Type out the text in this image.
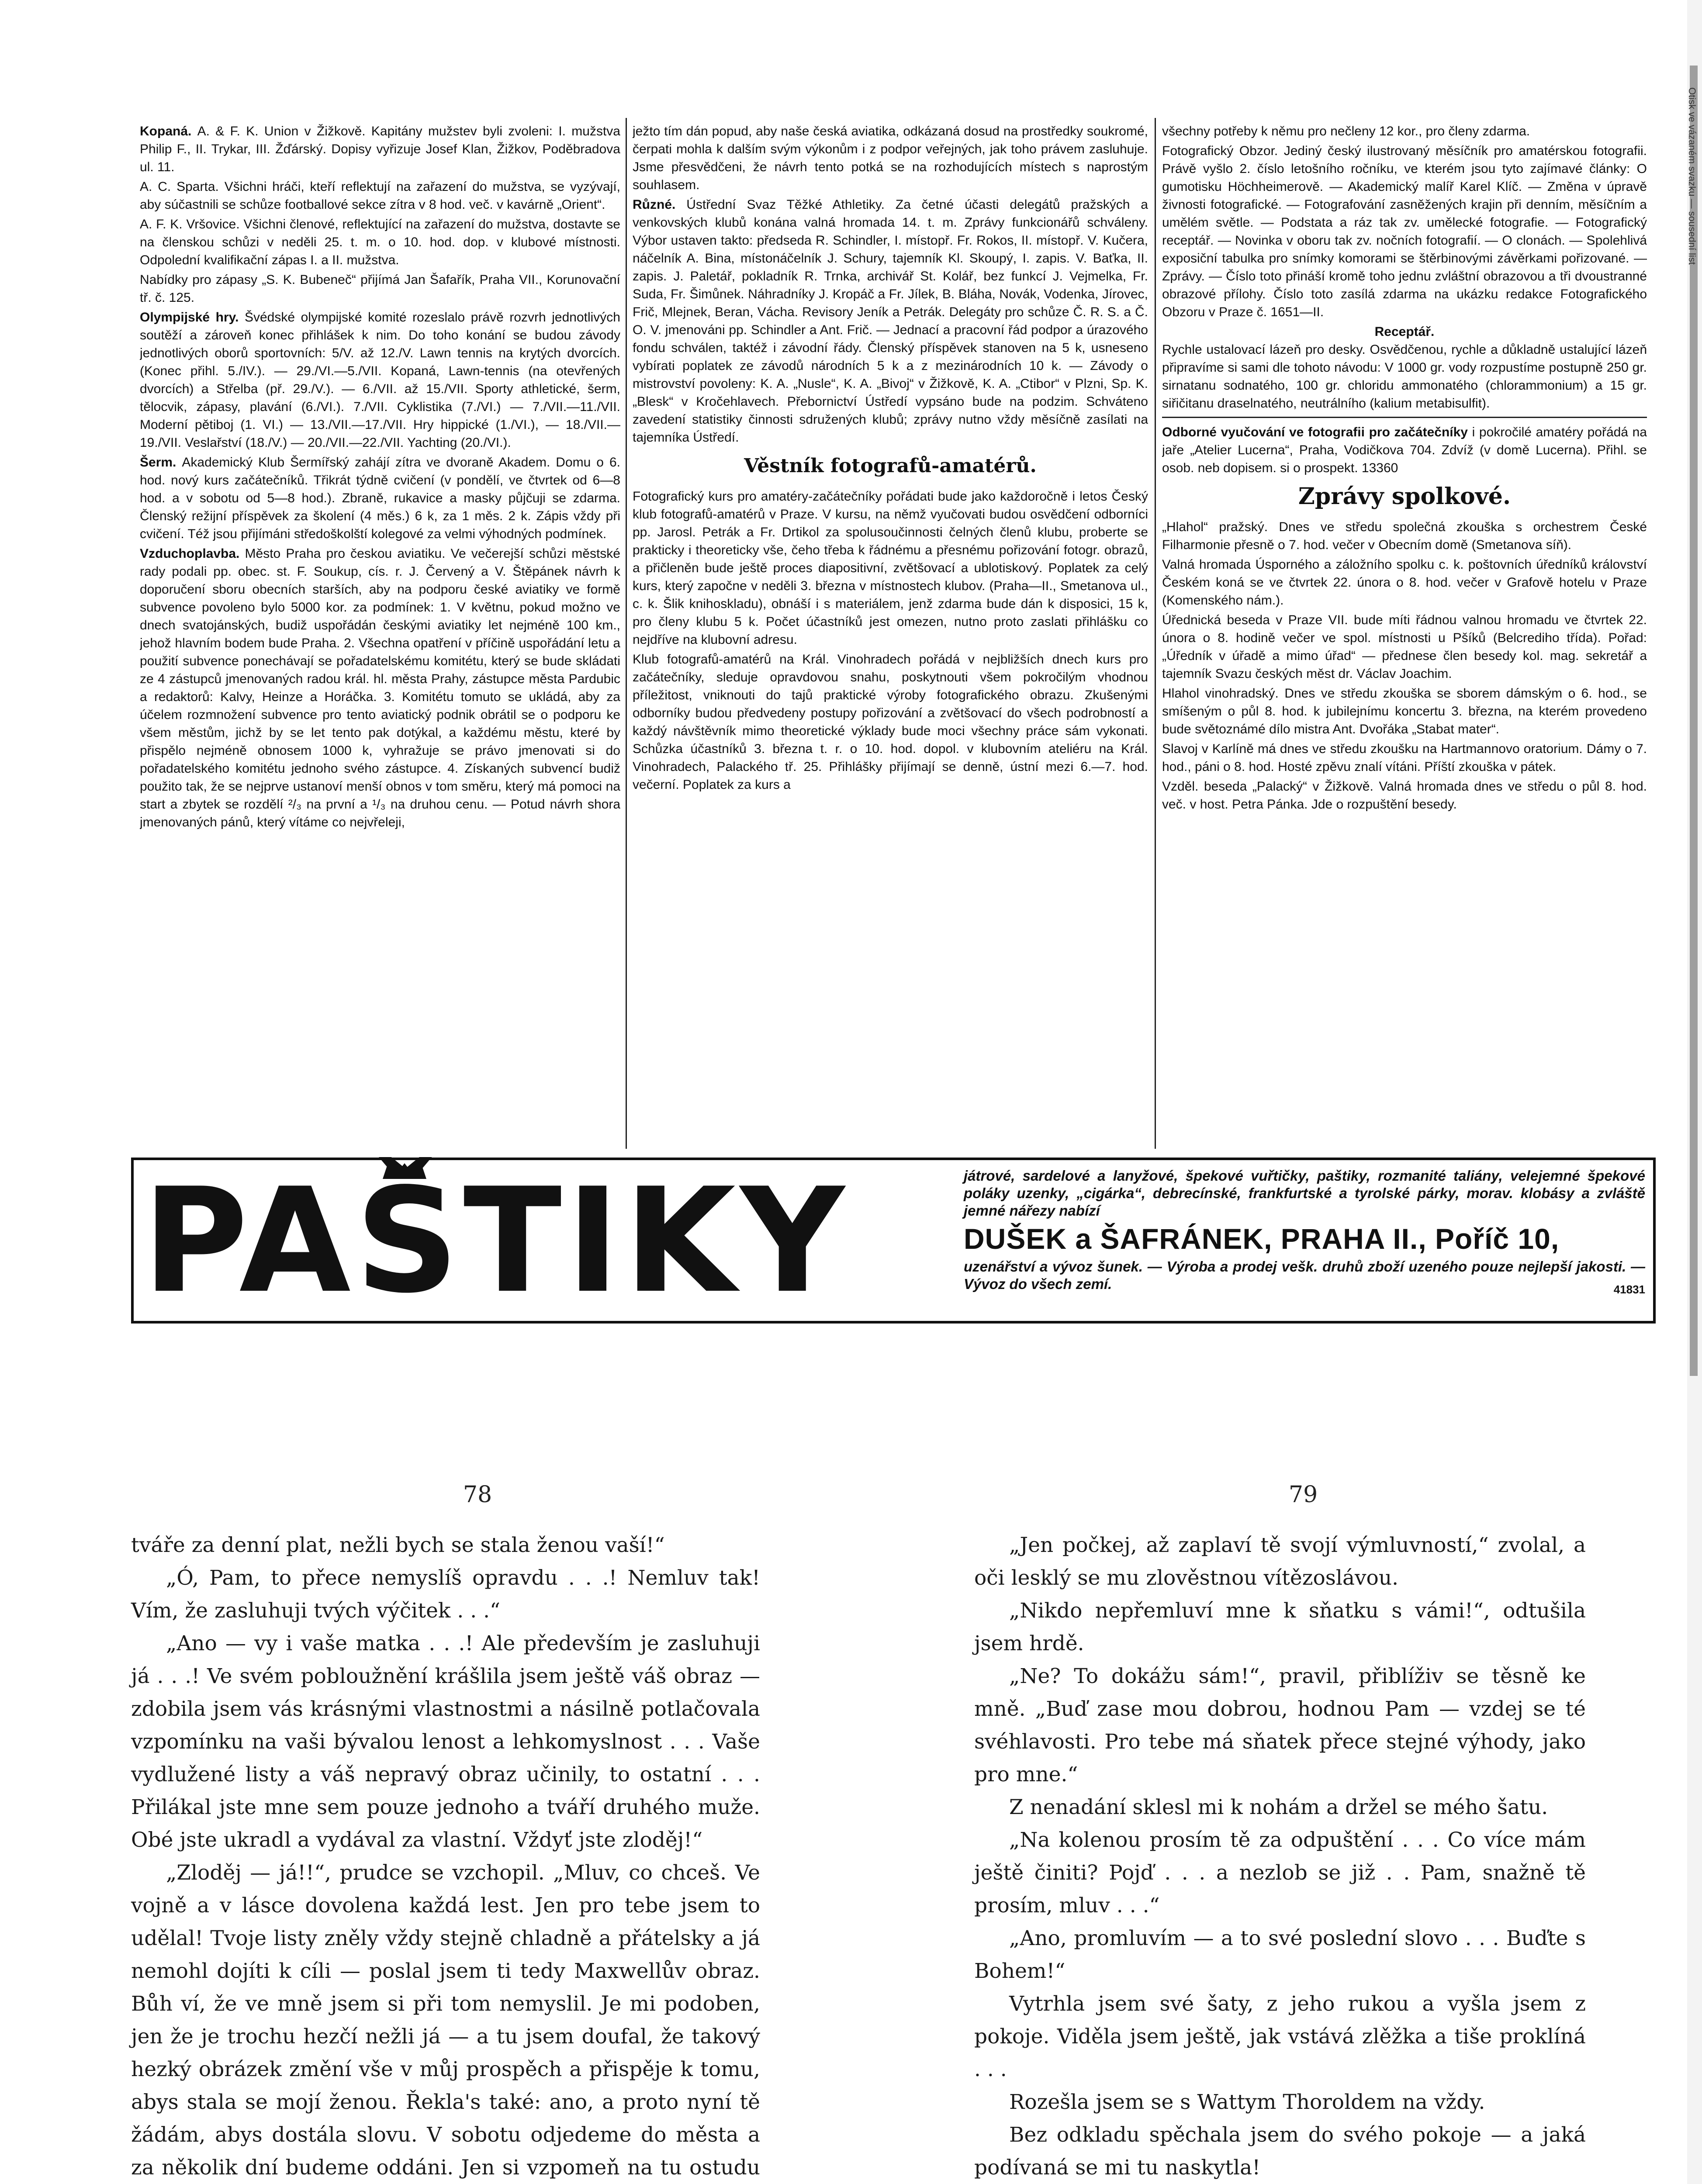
Kopaná. A. & F. K. Union v Žižkově. Kapitány mužstev byli zvoleni: I. mužstva Philip F., II. Trykar, III. Žďárský. Dopisy vyřizuje Josef Klan, Žižkov, Poděbradova ul. 11.

A. C. Sparta. Všichni hráči, kteří reflektují na zařazení do mužstva, se vyzývají, aby súčastnili se schůze footballové sekce zítra v 8 hod. več. v kavárně „Orient“.

A. F. K. Vršovice. Všichni členové, reflektující na zařazení do mužstva, dostavte se na členskou schůzi v neděli 25. t. m. o 10. hod. dop. v klubové místnosti. Odpolední kvalifikační zápas I. a II. mužstva.

Nabídky pro zápasy „S. K. Bubeneč“ přijímá Jan Šafařík, Praha VII., Korunovační tř. č. 125.

Olympijské hry. Švédské olympijské komité rozeslalo právě rozvrh jednotlivých soutěží a zároveň konec přihlášek k nim. Do toho konání se budou závody jednotlivých oborů sportovních: 5/V. až 12./V. Lawn tennis na krytých dvorcích. (Konec přihl. 5./IV.). — 29./VI.—5./VII. Kopaná, Lawn-tennis (na otevřených dvorcích) a Střelba (př. 29./V.). — 6./VII. až 15./VII. Sporty athletické, šerm, tělocvik, zápasy, plavání (6./VI.). 7./VII. Cyklistika (7./VI.) — 7./VII.—11./VII. Moderní pětiboj (1. VI.) — 13./VII.—17./VII. Hry hippické (1./VI.), — 18./VII.—19./VII. Veslařství (18./V.) — 20./VII.—22./VII. Yachting (20./VI.).

Šerm. Akademický Klub Šermířský zahájí zítra ve dvoraně Akadem. Domu o 6. hod. nový kurs začátečníků. Třikrát týdně cvičení (v pondělí, ve čtvrtek od 6—8 hod. a v sobotu od 5—8 hod.). Zbraně, rukavice a masky půjčuji se zdarma. Členský režijní příspěvek za školení (4 měs.) 6 k, za 1 měs. 2 k. Zápis vždy při cvičení. Též jsou přijímáni středoškolští kolegové za velmi výhodných podmínek.

Vzduchoplavba. Město Praha pro českou aviatiku. Ve večerejší schůzi městské rady podali pp. obec. st. F. Soukup, cís. r. J. Červený a V. Štěpánek návrh k doporučení sboru obecních starších, aby na podporu české aviatiky ve formě subvence povoleno bylo 5000 kor. za podmínek: 1. V květnu, pokud možno ve dnech svatojánských, budiž uspořádán českými aviatiky let nejméně 100 km., jehož hlavním bodem bude Praha. 2. Všechna opatření v příčině uspořádání letu a použití subvence ponechávají se pořadatelskému komitétu, který se bude skládati ze 4 zástupců jmenovaných radou král. hl. města Prahy, zástupce města Pardubic a redaktorů: Kalvy, Heinze a Horáčka. 3. Komitétu tomuto se ukládá, aby za účelem rozmnožení subvence pro tento aviatický podnik obrátil se o podporu ke všem městům, jichž by se let tento pak dotýkal, a každému městu, které by přispělo nejméně obnosem 1000 k, vyhražuje se právo jmenovati si do pořadatelského komitétu jednoho svého zástupce. 4. Získaných subvencí budiž použito tak, že se nejprve ustanoví menší obnos v tom směru, který má pomoci na start a zbytek se rozdělí ²/₃ na první a ¹/₃ na druhou cenu. — Potud návrh shora jmenovaných pánů, který vítáme co nejvřeleji,

ježto tím dán popud, aby naše česká aviatika, odkázaná dosud na prostředky soukromé, čerpati mohla k dalším svým výkonům i z podpor veřejných, jak toho právem zasluhuje. Jsme přesvědčeni, že návrh tento potká se na rozhodujících místech s naprostým souhlasem.

Různé. Ústřední Svaz Těžké Athletiky. Za četné účasti delegátů pražských a venkovských klubů konána valná hromada 14. t. m. Zprávy funkcionářů schváleny. Výbor ustaven takto: předseda R. Schindler, I. místopř. Fr. Rokos, II. místopř. V. Kučera, náčelník A. Bina, místonáčelník J. Schury, tajemník Kl. Skoupý, I. zapis. V. Baťka, II. zapis. J. Paletář, pokladník R. Trnka, archivář St. Kolář, bez funkcí J. Vejmelka, Fr. Suda, Fr. Šimůnek. Náhradníky J. Kropáč a Fr. Jílek, B. Bláha, Novák, Vodenka, Jírovec, Frič, Mlejnek, Beran, Vácha. Revisory Jeník a Petrák. Delegáty pro schůze Č. R. S. a Č. O. V. jmenováni pp. Schindler a Ant. Frič. — Jednací a pracovní řád podpor a úrazového fondu schválen, taktéž i závodní řády. Členský příspěvek stanoven na 5 k, usneseno vybírati poplatek ze závodů národních 5 k a z mezinárodních 10 k. — Závody o mistrovství povoleny: K. A. „Nusle“, K. A. „Bivoj“ v Žižkově, K. A. „Ctibor“ v Plzni, Sp. K. „Blesk“ v Kročehlavech. Přebornictví Ústředí vypsáno bude na podzim. Schváteno zavedení statistiky činnosti sdružených klubů; zprávy nutno vždy měsíčně zasílati na tajemníka Ústředí.

Věstník fotografů-amatérů.

Fotografický kurs pro amatéry-začátečníky pořádati bude jako každoročně i letos Český klub fotografů-amatérů v Praze. V kursu, na němž vyučovati budou osvědčení odborníci pp. Jarosl. Petrák a Fr. Drtikol za spolusoučinnosti čelných členů klubu, proberte se prakticky i theoreticky vše, čeho třeba k řádnému a přesnému pořizování fotogr. obrazů, a přičleněn bude ještě proces diapositivní, zvětšovací a ublotiskový. Poplatek za celý kurs, který započne v neděli 3. března v místnostech klubov. (Praha—II., Smetanova ul., c. k. Šlik knihoskladu), obnáší i s materiálem, jenž zdarma bude dán k disposici, 15 k, pro členy klubu 5 k. Počet účastníků jest omezen, nutno proto zaslati přihlášku co nejdříve na klubovní adresu.

Klub fotografů-amatérů na Král. Vinohradech pořádá v nejbližších dnech kurs pro začátečníky, sleduje opravdovou snahu, poskytnouti všem pokročilým vhodnou příležitost, vniknouti do tajů praktické výroby fotografického obrazu. Zkušenými odborníky budou předvedeny postupy pořizování a zvětšovací do všech podrobností a každý návštěvník mimo theoretické výklady bude moci všechny práce sám vykonati. Schůzka účastníků 3. března t. r. o 10. hod. dopol. v klubovním ateliéru na Král. Vinohradech, Palackého tř. 25. Přihlášky přijímají se denně, ústní mezi 6.—7. hod. večerní. Poplatek za kurs a

všechny potřeby k němu pro nečleny 12 kor., pro členy zdarma.

Fotografický Obzor. Jediný český ilustrovaný měsíčník pro amatérskou fotografii. Právě vyšlo 2. číslo letošního ročníku, ve kterém jsou tyto zajímavé články: O gumotisku Höchheimerově. — Akademický malíř Karel Klíč. — Změna v úpravě živnosti fotografické. — Fotografování zasněžených krajin při denním, měsíčním a umělém světle. — Podstata a ráz tak zv. umělecké fotografie. — Fotografický receptář. — Novinka v oboru tak zv. nočních fotografií. — O clonách. — Spolehlivá exposiční tabulka pro snímky komorami se štěrbinovými závěrkami pořizované. — Zprávy. — Číslo toto přináší kromě toho jednu zvláštní obrazovou a tři dvoustranné obrazové přílohy. Číslo toto zasílá zdarma na ukázku redakce Fotografického Obzoru v Praze č. 1651—II.

Receptář.

Rychle ustalovací lázeň pro desky. Osvědčenou, rychle a důkladně ustalující lázeň připravíme si sami dle tohoto návodu: V 1000 gr. vody rozpustíme postupně 250 gr. sirnatanu sodnatého, 100 gr. chloridu ammonatého (chlorammonium) a 15 gr. siřičitanu draselnatého, neutrálního (kalium metabisulfit).

Odborné vyučování ve fotografii pro začátečníky i pokročilé amatéry pořádá na jaře „Atelier Lucerna“, Praha, Vodičkova 704. Zdvíž (v domě Lucerna). Přihl. se osob. neb dopisem. si o prospekt. 13360

Zprávy spolkové.

„Hlahol“ pražský. Dnes ve středu společná zkouška s orchestrem České Filharmonie přesně o 7. hod. večer v Obecním domě (Smetanova síň).

Valná hromada Úsporného a záložního spolku c. k. poštovních úředníků království Českém koná se ve čtvrtek 22. února o 8. hod. večer v Grafově hotelu v Praze (Komenského nám.).

Úřednická beseda v Praze VII. bude míti řádnou valnou hromadu ve čtvrtek 22. února o 8. hodině večer ve spol. místnosti u Pšíků (Belcrediho třída). Pořad: „Úředník v úřadě a mimo úřad“ — přednese člen besedy kol. mag. sekretář a tajemník Svazu českých měst dr. Václav Joachim.

Hlahol vinohradský. Dnes ve středu zkouška se sborem dámským o 6. hod., se smíšeným o půl 8. hod. k jubilejnímu koncertu 3. března, na kterém provedeno bude světoznámé dílo mistra Ant. Dvořáka „Stabat mater“.

Slavoj v Karlíně má dnes ve středu zkoušku na Hartmannovo oratorium. Dámy o 7. hod., páni o 8. hod. Hosté zpěvu znalí vítáni. Příští zkouška v pátek.

Vzděl. beseda „Palacký“ v Žižkově. Valná hromada dnes ve středu o půl 8. hod. več. v host. Petra Pánka. Jde o rozpuštění besedy.

PAŠTIKY	játrové, sardelové a lanyžové, špekové vuřtičky, paštiky, rozmanité taliány, velejemné špekové poláky uzenky, „cigárka“, debrecínské, frankfurtské a tyrolské párky, morav. klobásy a zvláště jemné nářezy nabízí
DUŠEK a ŠAFRÁNEK, PRAHA II., Poříč 10,
uzenářství a vývoz šunek. — Výroba a prodej vešk. druhů zboží uzeného pouze nejlepší jakosti. — Vývoz do všech zemí.	41831
78	79

tváře za denní plat, nežli bych se stala ženou vaší!“

„Ó, Pam, to přece nemyslíš opravdu . . .! Nemluv tak! Vím, že zasluhuji tvých výčitek . . .“

„Ano — vy i vaše matka . . .! Ale především je zasluhuji já . . .! Ve svém pobloužnění krášlila jsem ještě váš obraz — zdobila jsem vás krásnými vlastnostmi a násilně potlačovala vzpomínku na vaši bývalou lenost a lehkomyslnost . . . Vaše vydlužené listy a váš nepravý obraz učinily, to ostatní . . . Přilákal jste mne sem pouze jednoho a tváří druhého muže. Obé jste ukradl a vydával za vlastní. Vždyť jste zloděj!“

„Zloděj — já!!“, prudce se vzchopil. „Mluv, co chceš. Ve vojně a v lásce dovolena každá lest. Jen pro tebe jsem to udělal! Tvoje listy zněly vždy stejně chladně a přátelsky a já nemohl dojíti k cíli — poslal jsem ti tedy Maxwellův obraz. Bůh ví, že ve mně jsem si při tom nemyslil. Je mi podoben, jen že je trochu hezčí nežli já — a tu jsem doufal, že takový hezký obrázek změní vše v můj prospěch a přispěje k tomu, abys stala se mojí ženou. Řekla's také: ano, a proto nyní tě žádám, abys dostála slovu. V sobotu odjedeme do města a za několik dní budeme oddáni. Jen si vzpomeň na tu ostudu

„Jen počkej, až zaplaví tě svojí výmluvností,“ zvolal, a oči lesklý se mu zlověstnou vítězoslávou.

„Nikdo nepřemluví mne k sňatku s vámi!“, odtušila jsem hrdě.

„Ne? To dokážu sám!“, pravil, přiblíživ se těsně ke mně. „Buď zase mou dobrou, hodnou Pam — vzdej se té svéhlavosti. Pro tebe má sňatek přece stejné výhody, jako pro mne.“

Z nenadání sklesl mi k nohám a držel se mého šatu.

„Na kolenou prosím tě za odpuštění . . . Co více mám ještě činiti? Pojď . . . a nezlob se již . . Pam, snažně tě prosím, mluv . . .“

„Ano, promluvím — a to své poslední slovo . . . Buďte s Bohem!“

Vytrhla jsem své šaty, z jeho rukou a vyšla jsem z pokoje. Viděla jsem ještě, jak vstává zlěžka a tiše proklíná . . .

Rozešla jsem se s Wattym Thoroldem na vždy.

Bez odkladu spěchala jsem do svého pokoje — a jaká podívaná se mi tu naskytla!

Otisk ve vázaném svazku — sousední list
